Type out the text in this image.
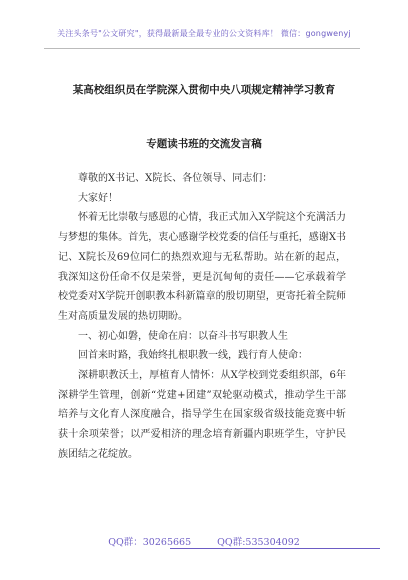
关注头条号"公文研究"，获得最新最全最专业的公文资料库！ 微信：gongwenyj
某高校组织员在学院深入贯彻中央八项规定精神学习教育
专题读书班的交流发言稿

尊敬的X书记、X院长、各位领导、同志们：

大家好！

怀着无比崇敬与感恩的心情，我正式加入X学院这个充满活力与梦想的集体。首先，衷心感谢学校党委的信任与重托，感谢X书记、X院长及69位同仁的热烈欢迎与无私帮助。站在新的起点，我深知这份任命不仅是荣誉，更是沉甸甸的责任——它承载着学校党委对X学院开创职教本科新篇章的殷切期望，更寄托着全院师生对高质量发展的热切期盼。

一、初心如磐，使命在肩：以奋斗书写职教人生

回首来时路，我始终扎根职教一线，践行育人使命：

深耕职教沃土，厚植育人情怀：从X学校到党委组织部，6年深耕学生管理，创新“党建+团建”双轮驱动模式，推动学生干部培养与文化育人深度融合，指导学生在国家级省级技能竞赛中斩获十余项荣誉；以严爱相济的理念培育新疆内职班学生，守护民族团结之花绽放。

QQ群：30265665	QQ群:535304092
